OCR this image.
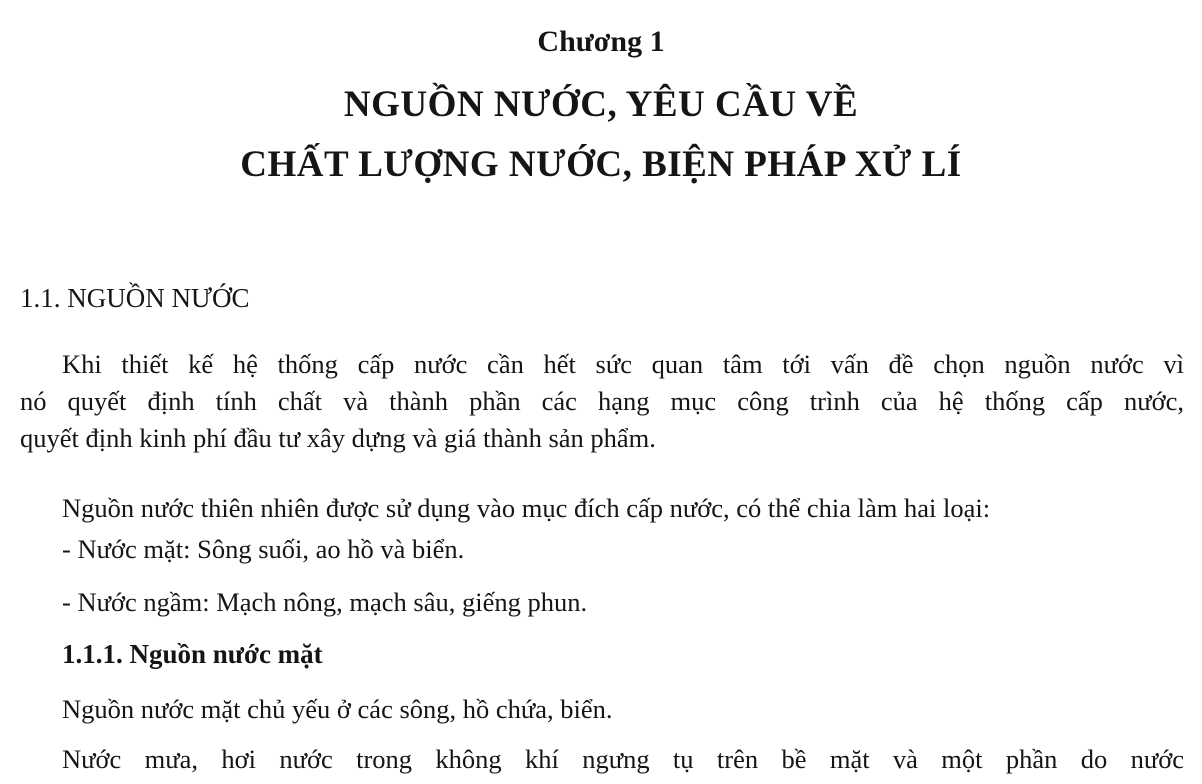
Chương 1
NGUỒN NƯỚC, YÊU CẦU VỀ
CHẤT LƯỢNG NƯỚC, BIỆN PHÁP XỬ LÍ
1.1. NGUỒN NƯỚC
Khi thiết kế hệ thống cấp nước cần hết sức quan tâm tới vấn đề chọn nguồn nước vì
nó quyết định tính chất và thành phần các hạng mục công trình của hệ thống cấp nước,
quyết định kinh phí đầu tư xây dựng và giá thành sản phẩm.
Nguồn nước thiên nhiên được sử dụng vào mục đích cấp nước, có thể chia làm hai loại:
- Nước mặt: Sông suối, ao hồ và biển.
- Nước ngầm: Mạch nông, mạch sâu, giếng phun.
1.1.1. Nguồn nước mặt
Nguồn nước mặt chủ yếu ở các sông, hồ chứa, biển.
Nước mưa, hơi nước trong không khí ngưng tụ trên bề mặt và một phần do nước
